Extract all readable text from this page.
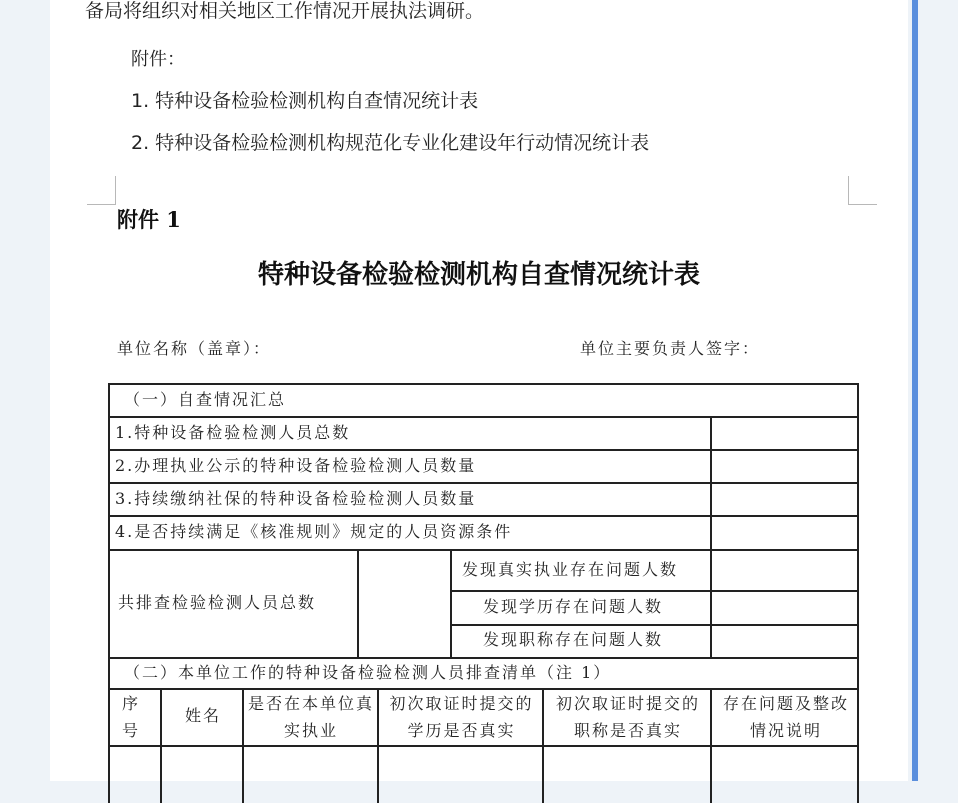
备局将组织对相关地区工作情况开展执法调研。
附件：
1. 特种设备检验检测机构自查情况统计表
2. 特种设备检验检测机构规范化专业化建设年行动情况统计表
附件 1
特种设备检验检测机构自查情况统计表
单位名称（盖章）：	单位主要负责人签字：
（一）自查情况汇总
1.特种设备检验检测人员总数
2.办理执业公示的特种设备检验检测人员数量
3.持续缴纳社保的特种设备检验检测人员数量
4.是否持续满足《核准规则》规定的人员资源条件
共排查检验检测人员总数
发现真实执业存在问题人数
发现学历存在问题人数
发现职称存在问题人数
（二）本单位工作的特种设备检验检测人员排查清单（注 1）
序号
姓名
是否在本单位真实执业
初次取证时提交的学历是否真实
初次取证时提交的职称是否真实
存在问题及整改情况说明
